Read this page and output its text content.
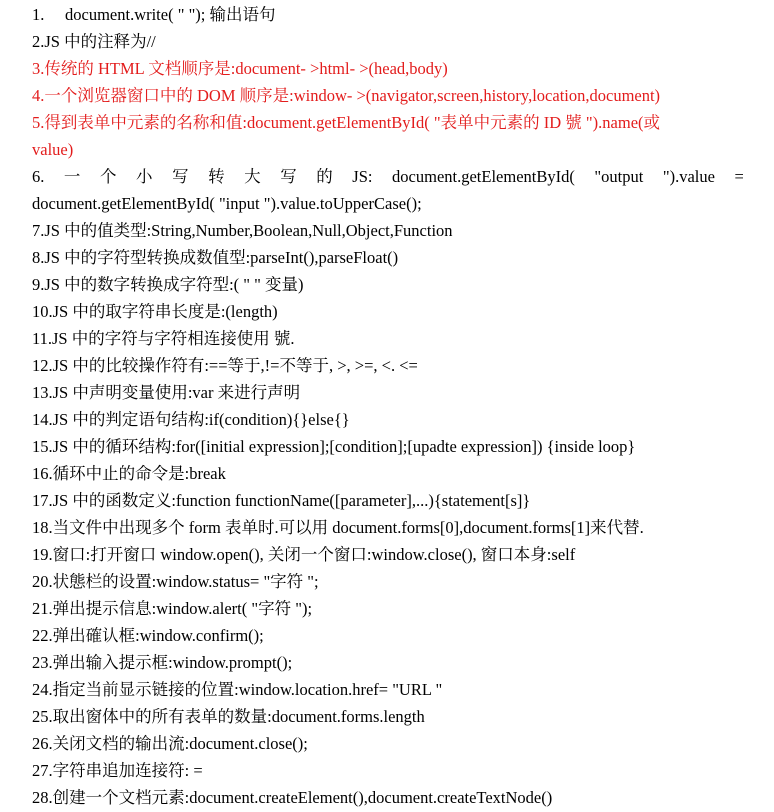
1.     document.write( " "); 输出语句
2.JS 中的注释为//
3.传统的 HTML 文档顺序是:document- >html- >(head,body)
4.一个浏览器窗口中的 DOM 顺序是:window- >(navigator,screen,history,location,document)
5.得到表单中元素的名称和值:document.getElementById( "表单中元素的 ID 號 ").name(或
value)
6. 一 个 小 写 转 大 写 的 JS: document.getElementById( "output ").value =
document.getElementById( "input ").value.toUpperCase();
7.JS 中的值类型:String,Number,Boolean,Null,Object,Function
8.JS 中的字符型转换成数值型:parseInt(),parseFloat()
9.JS 中的数字转换成字符型:( " " 变量)
10.JS 中的取字符串长度是:(length)
11.JS 中的字符与字符相连接使用 號.
12.JS 中的比较操作符有:==等于,!=不等于, >, >=, <. <=
13.JS 中声明变量使用:var 来进行声明
14.JS 中的判定语句结构:if(condition){}else{}
15.JS 中的循环结构:for([initial expression];[condition];[upadte expression]) {inside loop}
16.循环中止的命令是:break
17.JS 中的函数定义:function functionName([parameter],...){statement[s]}
18.当文件中出现多个 form 表单时.可以用 document.forms[0],document.forms[1]来代替.
19.窗口:打开窗口 window.open(), 关闭一个窗口:window.close(), 窗口本身:self
20.状態栏的设置:window.status= "字符 ";
21.弹出提示信息:window.alert( "字符 ");
22.弹出確认框:window.confirm();
23.弹出输入提示框:window.prompt();
24.指定当前显示链接的位置:window.location.href= "URL "
25.取出窗体中的所有表单的数量:document.forms.length
26.关闭文档的输出流:document.close();
27.字符串追加连接符: =
28.创建一个文档元素:document.createElement(),document.createTextNode()
